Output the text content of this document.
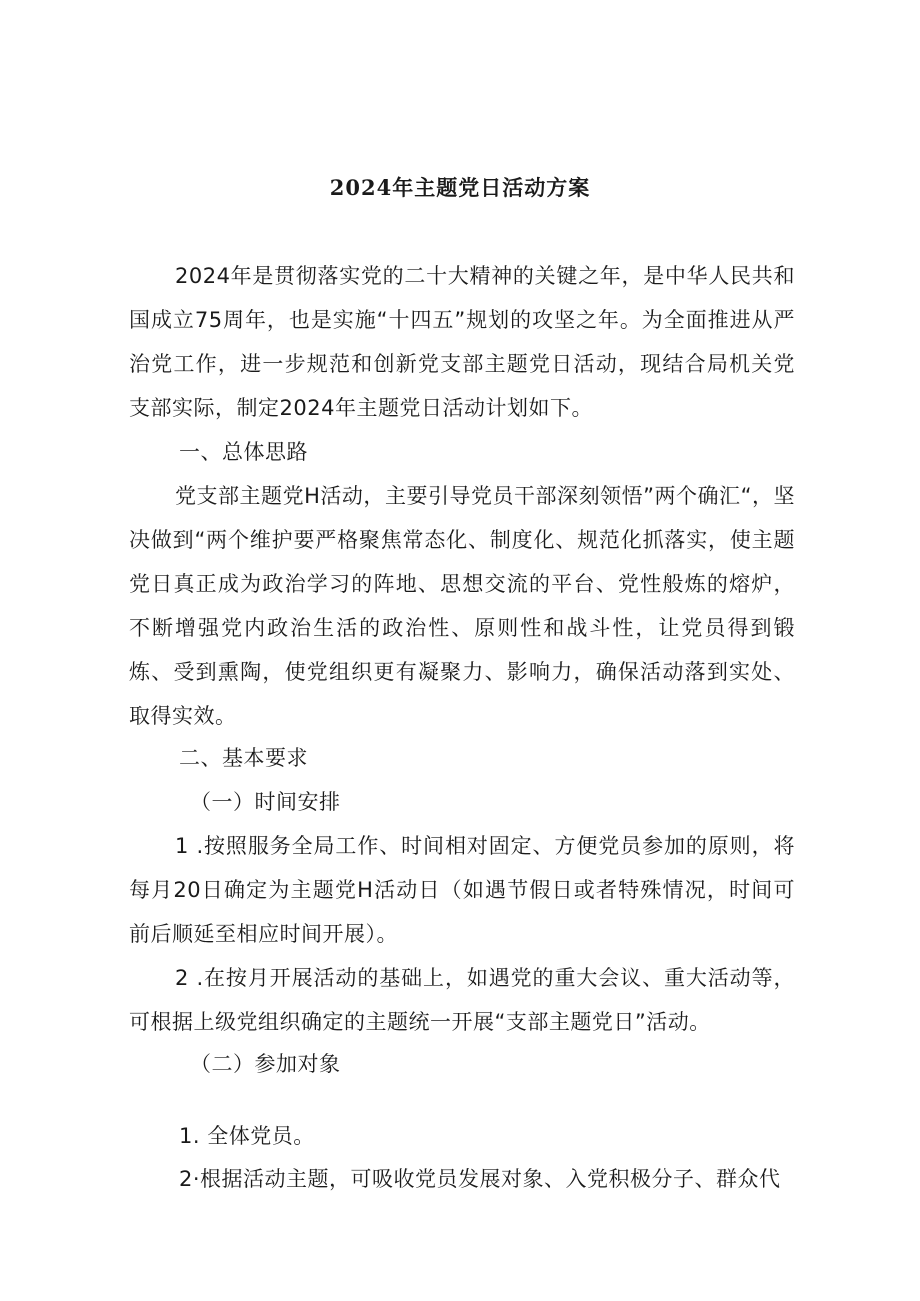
2024年主题党日活动方案

2024年是贯彻落实党的二十大精神的关键之年，是中华人民共和国成立75周年，也是实施“十四五”规划的攻坚之年。为全面推进从严治党工作，进一步规范和创新党支部主题党日活动，现结合局机关党支部实际，制定2024年主题党日活动计划如下。

一、总体思路

党支部主题党H活动，主要引导党员干部深刻领悟”两个确汇“，坚决做到“两个维护要严格聚焦常态化、制度化、规范化抓落实，使主题党日真正成为政治学习的阵地、思想交流的平台、党性般炼的熔炉，不断增强党内政治生活的政治性、原则性和战斗性，让党员得到锻炼、受到熏陶，使党组织更有凝聚力、影响力，确保活动落到实处、取得实效。

二、基本要求

（一）时间安排

1 .按照服务全局工作、时间相对固定、方便党员参加的原则，将每月20日确定为主题党H活动日（如遇节假日或者特殊情况，时间可前后顺延至相应时间开展）。

2 .在按月开展活动的基础上，如遇党的重大会议、重大活动等，可根据上级党组织确定的主题统一开展“支部主题党日”活动。

（二）参加对象

1. 全体党员。

2·根据活动主题，可吸收党员发展对象、入党积极分子、群众代
